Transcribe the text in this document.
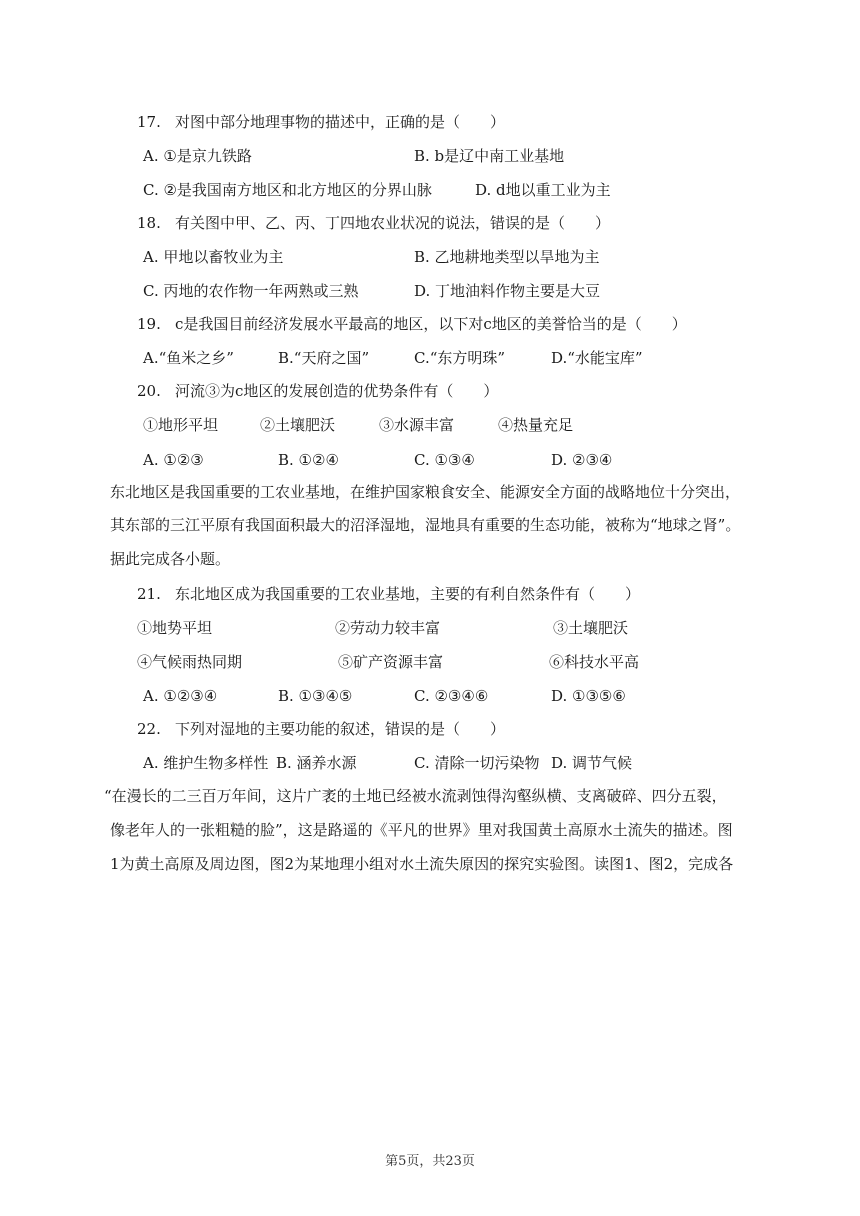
17. 对图中部分地理事物的描述中，正确的是（　　）
A. ①是京九铁路	B. b是辽中南工业基地
C. ②是我国南方地区和北方地区的分界山脉	D. d地以重工业为主
18. 有关图中甲、乙、丙、丁四地农业状况的说法，错误的是（　　）
A. 甲地以畜牧业为主	B. 乙地耕地类型以旱地为主
C. 丙地的农作物一年两熟或三熟	D. 丁地油料作物主要是大豆
19. c是我国目前经济发展水平最高的地区，以下对c地区的美誉恰当的是（　　）
A.“鱼米之乡”	B.“天府之国”	C.“东方明珠”	D.“水能宝库”
20. 河流③为c地区的发展创造的优势条件有（　　）
①地形平坦	②土壤肥沃	③水源丰富	④热量充足
A. ①②③	B. ①②④	C. ①③④	D. ②③④
东北地区是我国重要的工农业基地，在维护国家粮食安全、能源安全方面的战略地位十分突出，
其东部的三江平原有我国面积最大的沼泽湿地，湿地具有重要的生态功能，被称为“地球之肾”。
据此完成各小题。
21. 东北地区成为我国重要的工农业基地，主要的有利自然条件有（　　）
①地势平坦	②劳动力较丰富	③土壤肥沃
④气候雨热同期	⑤矿产资源丰富	⑥科技水平高
A. ①②③④	B. ①③④⑤	C. ②③④⑥	D. ①③⑤⑥
22. 下列对湿地的主要功能的叙述，错误的是（　　）
A. 维护生物多样性 B. 涵养水源	C. 清除一切污染物 D. 调节气候
“在漫长的二三百万年间，这片广袤的土地已经被水流剥蚀得沟壑纵横、支离破碎、四分五裂，
像老年人的一张粗糙的脸”，这是路遥的《平凡的世界》里对我国黄土高原水土流失的描述。图
1为黄土高原及周边图，图2为某地理小组对水土流失原因的探究实验图。读图1、图2，完成各
第5页，共23页
